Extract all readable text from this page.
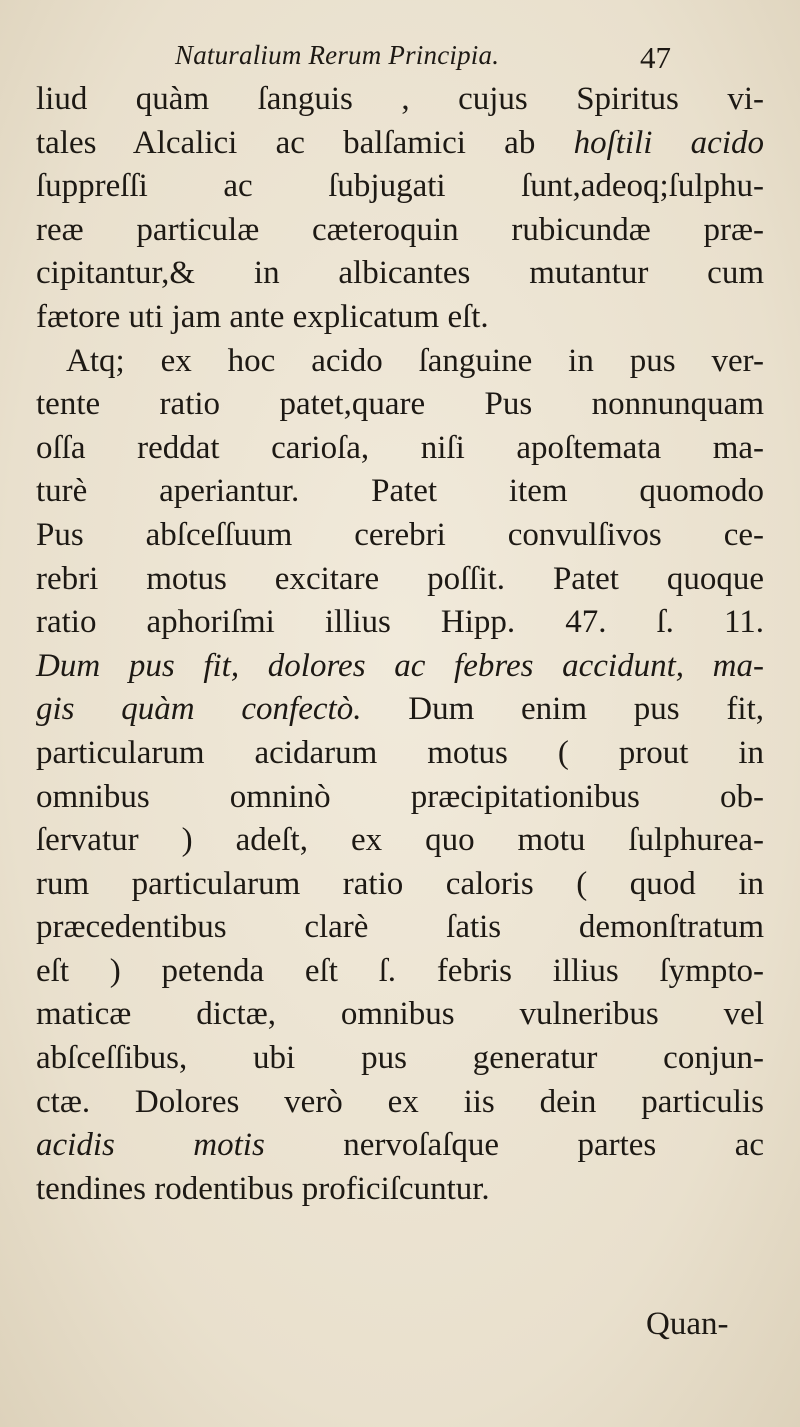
Naturalium Rerum Principia.	47
liud quàm ſanguis , cujus Spiritus vi-
tales Alcalici ac balſamici ab hoſtili acido
ſuppreſſi ac ſubjugati ſunt,adeoq;ſulphu-
reæ particulæ cæteroquin rubicundæ præ-
cipitantur,& in albicantes mutantur cum
fætore uti jam ante explicatum eſt.
Atq; ex hoc acido ſanguine in pus ver-
tente ratio patet,quare Pus nonnunquam
oſſa reddat carioſa, niſi apoſtemata ma-
turè aperiantur. Patet item quomodo
Pus abſceſſuum cerebri convulſivos ce-
rebri motus excitare poſſit. Patet quoque
ratio aphoriſmi illius Hipp. 47. ſ. 11.
Dum pus fit, dolores ac febres accidunt, ma-
gis quàm confectò. Dum enim pus fit,
particularum acidarum motus ( prout in
omnibus omninò præcipitationibus ob-
ſervatur ) adeſt, ex quo motu ſulphurea-
rum particularum ratio caloris ( quod in
præcedentibus clarè ſatis demonſtratum
eſt ) petenda eſt ſ. febris illius ſympto-
maticæ dictæ, omnibus vulneribus vel
abſceſſibus, ubi pus generatur conjun-
ctæ. Dolores verò ex iis dein particulis
acidis motis nervoſaſque partes ac
tendines rodentibus proficiſcuntur.
Quan-
